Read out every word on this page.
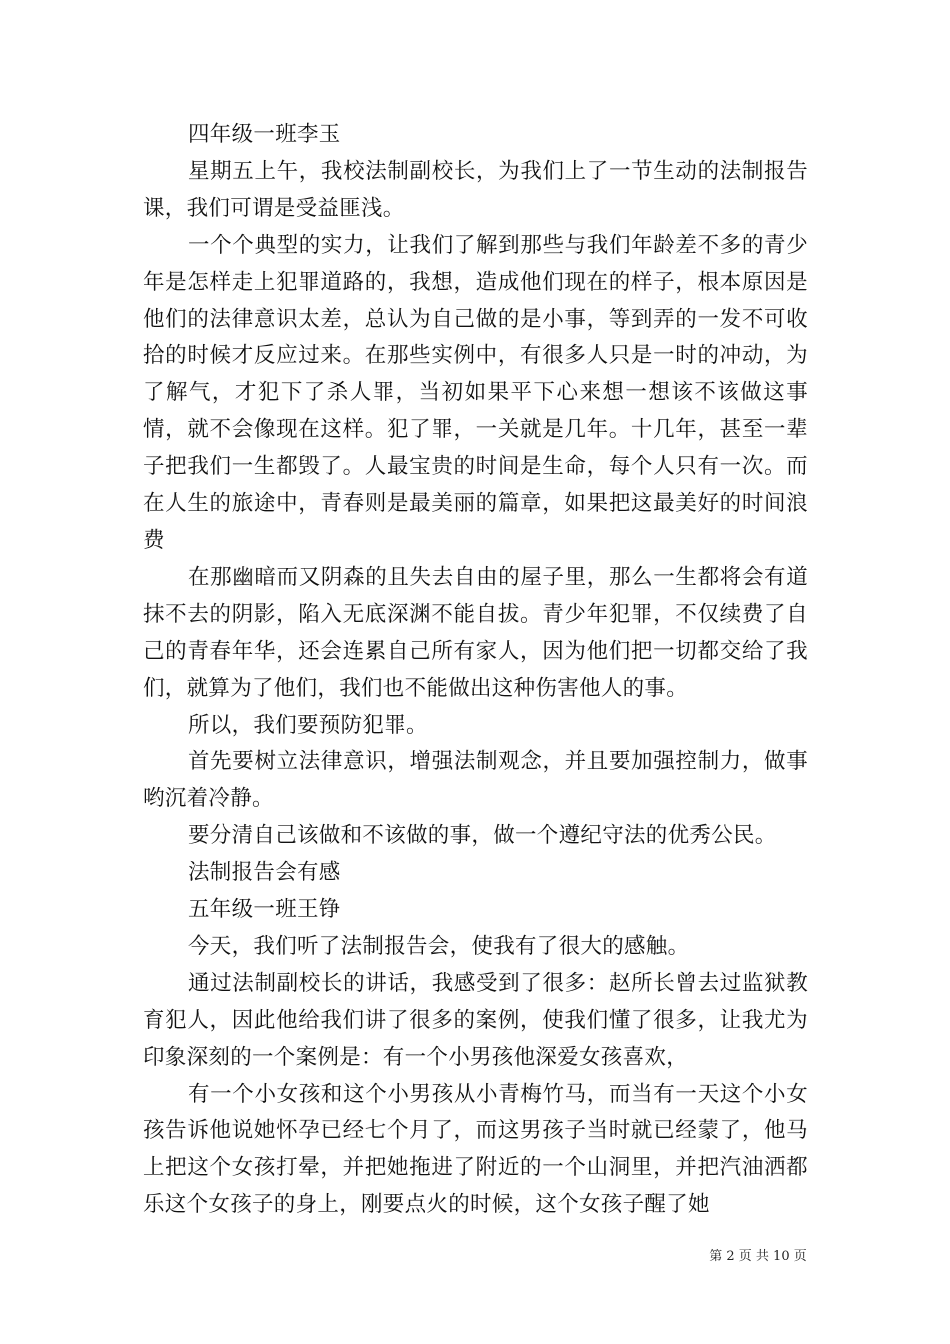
四年级一班李玉

星期五上午，我校法制副校长，为我们上了一节生动的法制报告课，我们可谓是受益匪浅。

一个个典型的实力，让我们了解到那些与我们年龄差不多的青少年是怎样走上犯罪道路的，我想，造成他们现在的样子，根本原因是他们的法律意识太差，总认为自己做的是小事，等到弄的一发不可收拾的时候才反应过来。在那些实例中，有很多人只是一时的冲动，为了解气，才犯下了杀人罪，当初如果平下心来想一想该不该做这事情，就不会像现在这样。犯了罪，一关就是几年。十几年，甚至一辈子把我们一生都毁了。人最宝贵的时间是生命，每个人只有一次。而在人生的旅途中，青春则是最美丽的篇章，如果把这最美好的时间浪费

在那幽暗而又阴森的且失去自由的屋子里，那么一生都将会有道抹不去的阴影，陷入无底深渊不能自拔。青少年犯罪，不仅续费了自己的青春年华，还会连累自己所有家人，因为他们把一切都交给了我们，就算为了他们，我们也不能做出这种伤害他人的事。

所以，我们要预防犯罪。

首先要树立法律意识，增强法制观念，并且要加强控制力，做事哟沉着冷静。

要分清自己该做和不该做的事，做一个遵纪守法的优秀公民。

法制报告会有感

五年级一班王铮

今天，我们听了法制报告会，使我有了很大的感触。

通过法制副校长的讲话，我感受到了很多：赵所长曾去过监狱教育犯人，因此他给我们讲了很多的案例，使我们懂了很多，让我尤为印象深刻的一个案例是：有一个小男孩他深爱女孩喜欢，

有一个小女孩和这个小男孩从小青梅竹马，而当有一天这个小女孩告诉他说她怀孕已经七个月了，而这男孩子当时就已经蒙了，他马上把这个女孩打晕，并把她拖进了附近的一个山洞里，并把汽油洒都乐这个女孩子的身上，刚要点火的时候，这个女孩子醒了她

第 2 页 共 10 页
